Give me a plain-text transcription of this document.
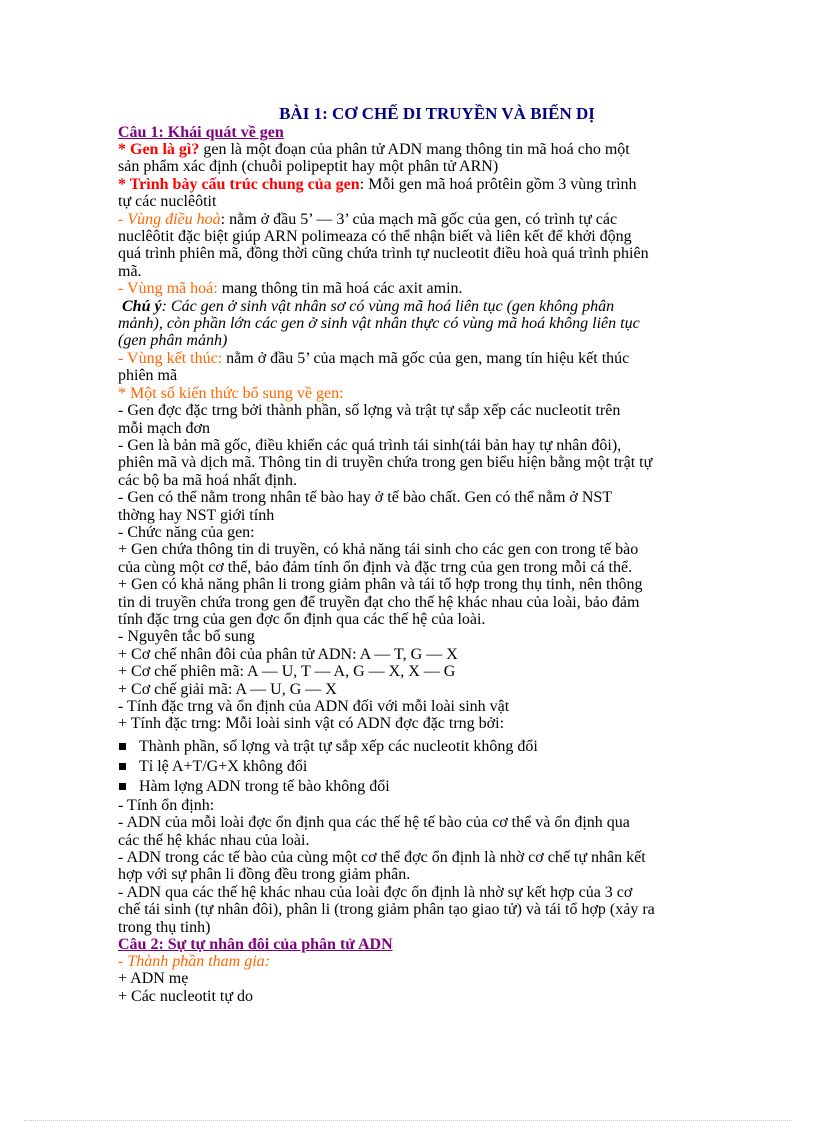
BÀI 1: CƠ CHẾ DI TRUYỀN VÀ BIẾN DỊ
Câu 1: Khái quát về gen
* Gen là gì? gen là một đoạn của phân tử ADN mang thông tin mã hoá cho một
sản phẩm xác định (chuỗi polipeptit hay một phân tử ARN)
* Trình bày cấu trúc chung của gen: Mỗi gen mã hoá prôtêin gồm 3 vùng trình
tự các nuclêôtit
- Vùng điều hoà: nằm ở đầu 5’ — 3’ của mạch mã gốc của gen, có trình tự các
nuclêôtit đặc biệt giúp ARN polimeaza có thể nhận biết và liên kết để khởi động
quá trình phiên mã, đồng thời cũng chứa trình tự nucleotit điều hoà quá trình phiên
mã.
- Vùng mã hoá: mang thông tin mã hoá các axit amin.
Chú ý: Các gen ở sinh vật nhân sơ có vùng mã hoá liên tục (gen không phân
mảnh), còn phần lớn các gen ở sinh vật nhân thực có vùng mã hoá không liên tục
(gen phân mảnh)
- Vùng kết thúc: nằm ở đầu 5’ của mạch mã gốc của gen, mang tín hiệu kết thúc
phiên mã
* Một số kiến thức bổ sung về gen:
- Gen đợc đặc trng bởi thành phần, số lợng và trật tự sắp xếp các nucleotit trên
mỗi mạch đơn
- Gen là bản mã gốc, điều khiển các quá trình tái sinh(tái bản hay tự nhân đôi),
phiên mã và dịch mã. Thông tin di truyền chứa trong gen biểu hiện bằng một trật tự
các bộ ba mã hoá nhất định.
- Gen có thể nằm trong nhân tế bào hay ở tế bào chất. Gen có thể nằm ở NST
thờng hay NST giới tính
- Chức năng của gen:
+ Gen chứa thông tin di truyền, có khả năng tái sinh cho các gen con trong tế bào
của cùng một cơ thể, bảo đảm tính ổn định và đặc trng của gen trong mỗi cá thể.
+ Gen có khả năng phân li trong giảm phân và tái tổ hợp trong thụ tinh, nên thông
tin di truyền chứa trong gen để truyền đạt cho thế hệ khác nhau của loài, bảo đảm
tính đặc trng của gen đợc ổn định qua các thế hệ của loài.
- Nguyên tắc bổ sung
+ Cơ chế nhân đôi của phân tử ADN: A — T, G — X
+ Cơ chế phiên mã: A — U, T — A, G — X, X — G
+ Cơ chế giải mã: A — U, G — X
- Tính đặc trng và ổn định của ADN đối với mỗi loài sinh vật
+ Tính đặc trng: Mỗi loài sinh vật có ADN đợc đặc trng bởi:
Thành phần, số lợng và trật tự sắp xếp các nucleotit không đổi
Tỉ lệ A+T/G+X không đổi
Hàm lợng ADN trong tế bào không đổi
- Tính ổn định:
- ADN của mỗi loài đợc ổn định qua các thế hệ tế bào của cơ thể và ổn định qua
các thế hệ khác nhau của loài.
- ADN trong các tế bào của cùng một cơ thể đợc ổn định là nhờ cơ chế tự nhân kết
hợp với sự phân li đồng đều trong giảm phân.
- ADN qua các thế hệ khác nhau của loài đợc ổn định là nhờ sự kết hợp của 3 cơ
chế tái sinh (tự nhân đôi), phân li (trong giảm phân tạo giao tử) và tái tổ hợp (xảy ra
trong thụ tinh)
Câu 2: Sự tự nhân đôi của phân tử ADN
- Thành phần tham gia:
+ ADN mẹ
+ Các nucleotit tự do
